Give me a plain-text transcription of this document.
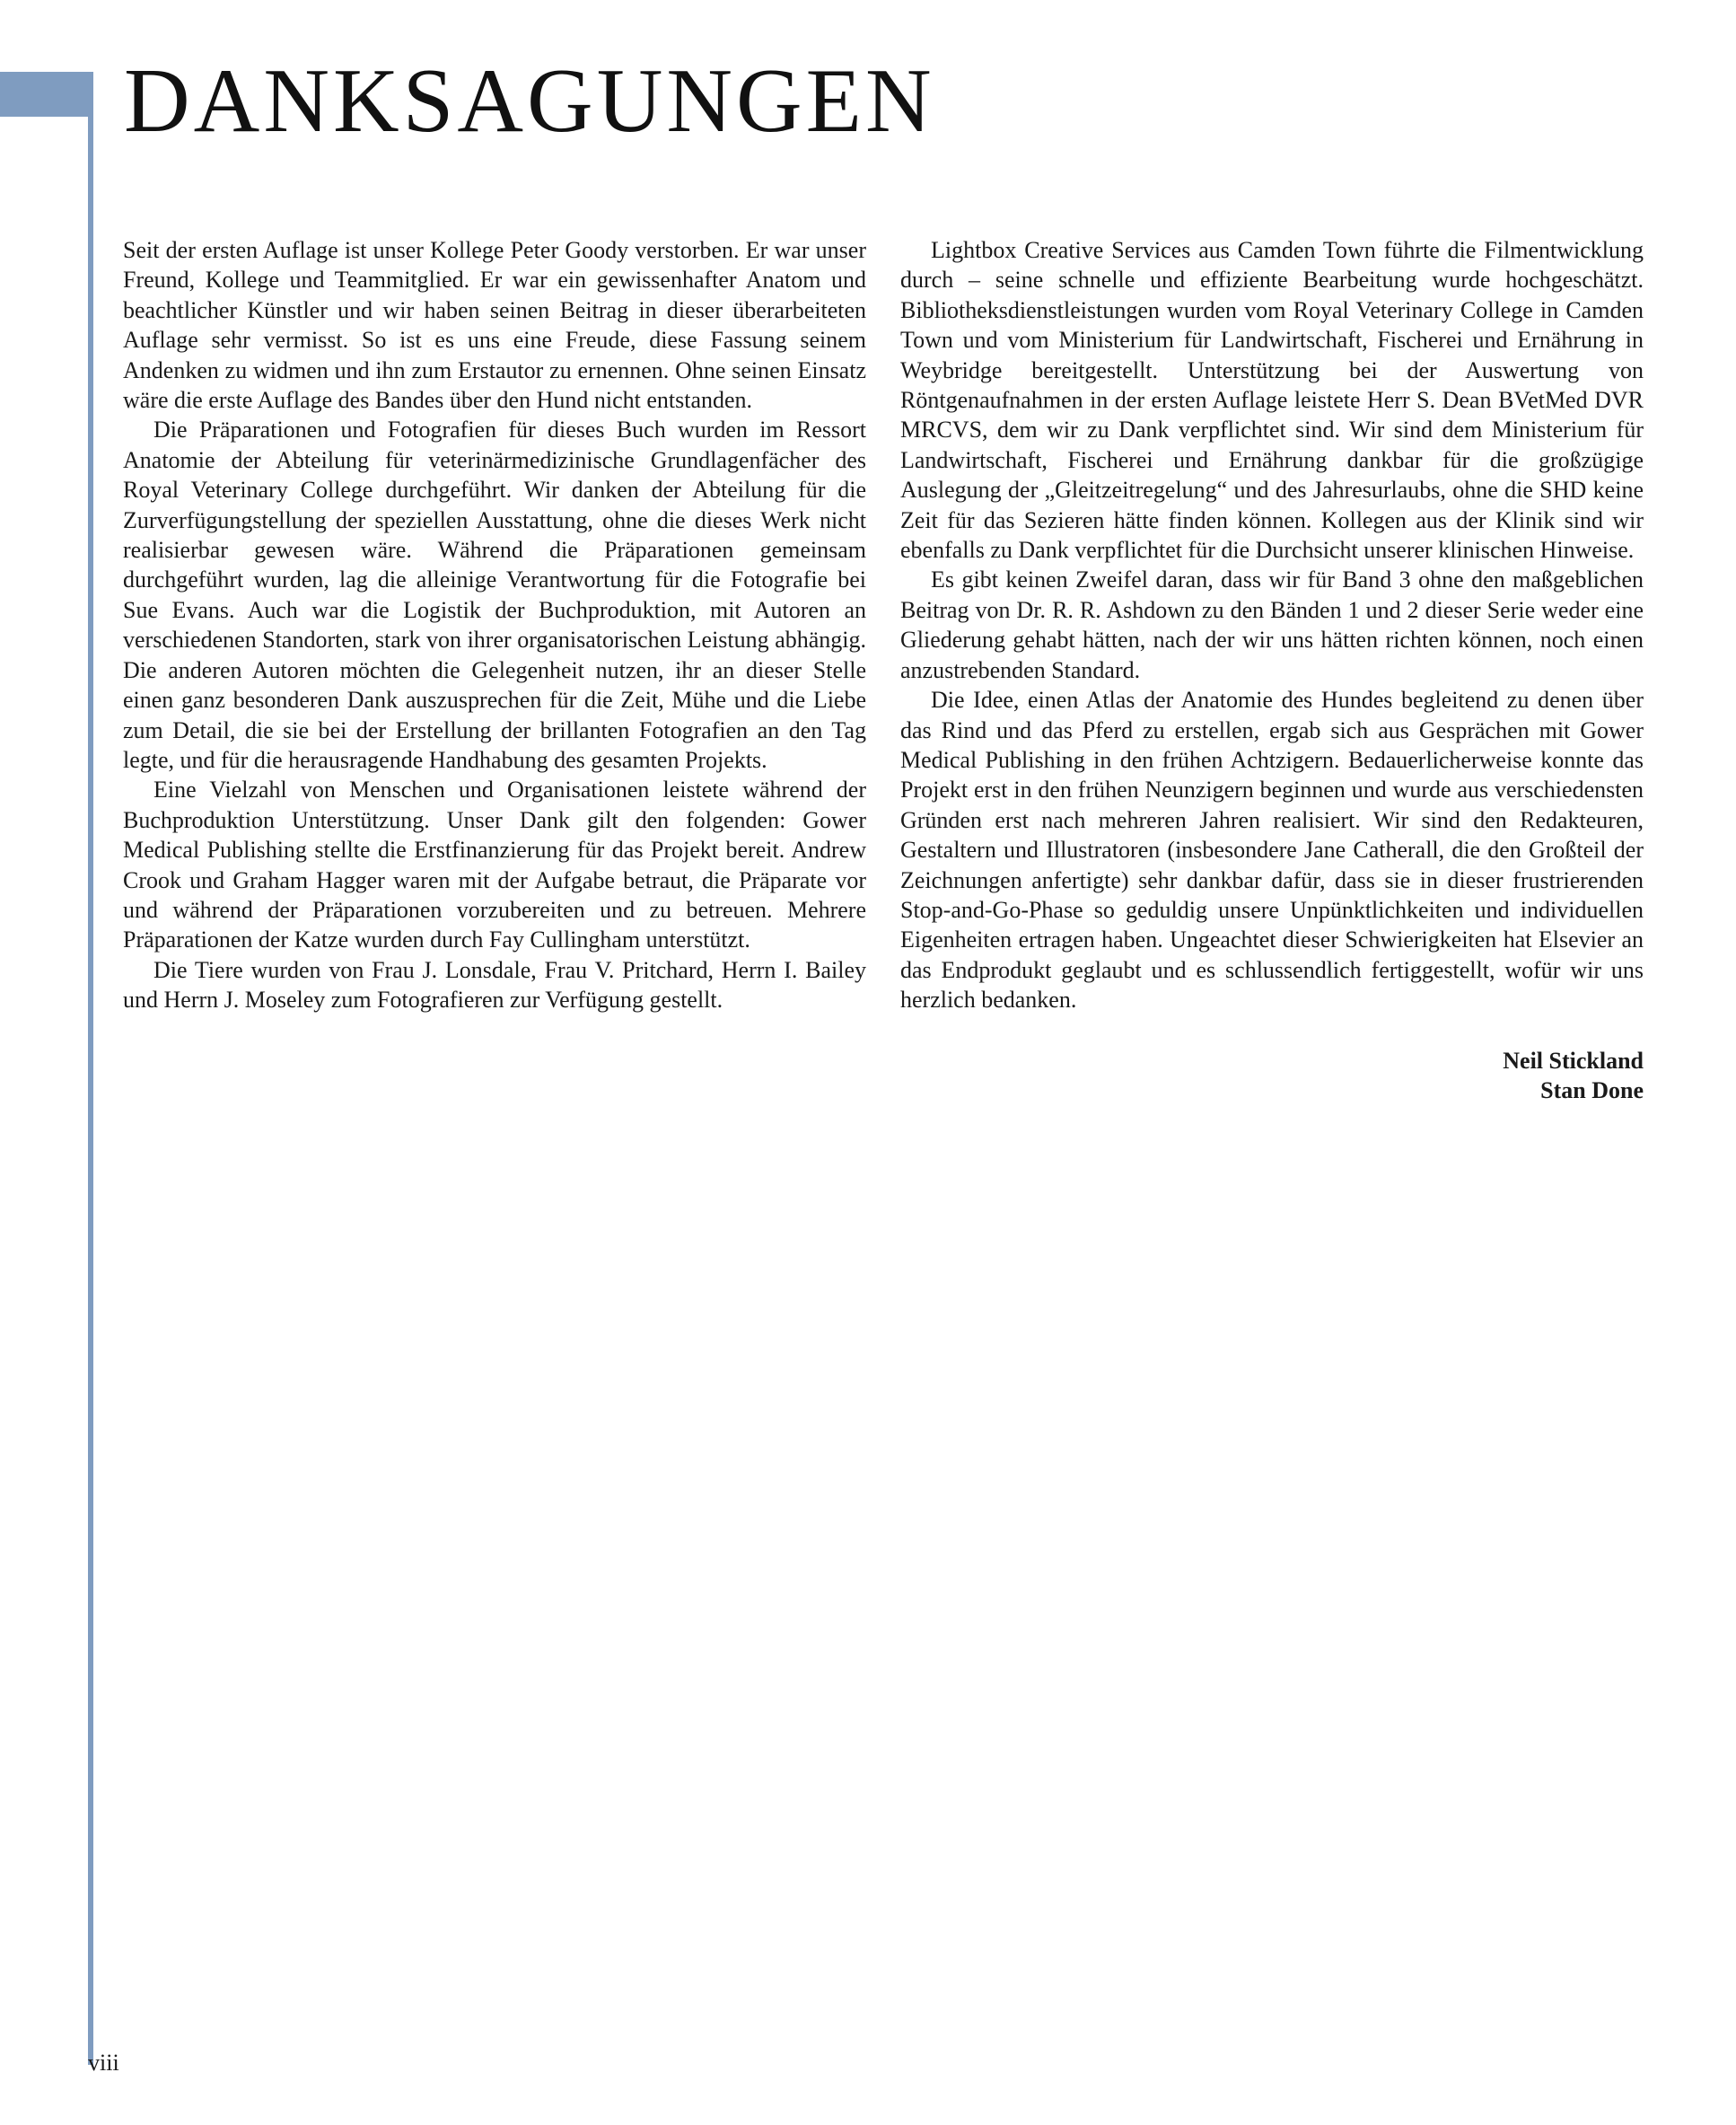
DANKSAGUNGEN

Seit der ersten Auflage ist unser Kollege Peter Goody verstorben. Er war unser Freund, Kollege und Teammitglied. Er war ein gewissenhafter Anatom und beachtlicher Künstler und wir haben seinen Beitrag in dieser überarbeiteten Auflage sehr vermisst. So ist es uns eine Freude, diese Fassung seinem Andenken zu widmen und ihn zum Erstautor zu ernennen. Ohne seinen Einsatz wäre die erste Auflage des Bandes über den Hund nicht entstanden.

Die Präparationen und Fotografien für dieses Buch wurden im Ressort Anatomie der Abteilung für veterinärmedizinische Grundlagenfächer des Royal Veterinary College durchgeführt. Wir danken der Abteilung für die Zurverfügungstellung der speziellen Ausstattung, ohne die dieses Werk nicht realisierbar gewesen wäre. Während die Präparationen gemeinsam durchgeführt wurden, lag die alleinige Verantwortung für die Fotografie bei Sue Evans. Auch war die Logistik der Buchproduktion, mit Autoren an verschiedenen Standorten, stark von ihrer organisatorischen Leistung abhängig. Die anderen Autoren möchten die Gelegenheit nutzen, ihr an dieser Stelle einen ganz besonderen Dank auszusprechen für die Zeit, Mühe und die Liebe zum Detail, die sie bei der Erstellung der brillanten Fotografien an den Tag legte, und für die herausragende Handhabung des gesamten Projekts.

Eine Vielzahl von Menschen und Organisationen leistete während der Buchproduktion Unterstützung. Unser Dank gilt den folgenden: Gower Medical Publishing stellte die Erstfinanzierung für das Projekt bereit. Andrew Crook und Graham Hagger waren mit der Aufgabe betraut, die Präparate vor und während der Präparationen vorzubereiten und zu betreuen. Mehrere Präparationen der Katze wurden durch Fay Cullingham unterstützt.

Die Tiere wurden von Frau J. Lonsdale, Frau V. Pritchard, Herrn I. Bailey und Herrn J. Moseley zum Fotografieren zur Verfügung gestellt.

Lightbox Creative Services aus Camden Town führte die Filmentwicklung durch – seine schnelle und effiziente Bearbeitung wurde hochgeschätzt. Bibliotheksdienstleistungen wurden vom Royal Veterinary College in Camden Town und vom Ministerium für Landwirtschaft, Fischerei und Ernährung in Weybridge bereitgestellt. Unterstützung bei der Auswertung von Röntgenaufnahmen in der ersten Auflage leistete Herr S. Dean BVetMed DVR MRCVS, dem wir zu Dank verpflichtet sind. Wir sind dem Ministerium für Landwirtschaft, Fischerei und Ernährung dankbar für die großzügige Auslegung der „Gleitzeitregelung“ und des Jahresurlaubs, ohne die SHD keine Zeit für das Sezieren hätte finden können. Kollegen aus der Klinik sind wir ebenfalls zu Dank verpflichtet für die Durchsicht unserer klinischen Hinweise.

Es gibt keinen Zweifel daran, dass wir für Band 3 ohne den maßgeblichen Beitrag von Dr. R. R. Ashdown zu den Bänden 1 und 2 dieser Serie weder eine Gliederung gehabt hätten, nach der wir uns hätten richten können, noch einen anzustrebenden Standard.

Die Idee, einen Atlas der Anatomie des Hundes begleitend zu denen über das Rind und das Pferd zu erstellen, ergab sich aus Gesprächen mit Gower Medical Publishing in den frühen Achtzigern. Bedauerlicherweise konnte das Projekt erst in den frühen Neunzigern beginnen und wurde aus verschiedensten Gründen erst nach mehreren Jahren realisiert. Wir sind den Redakteuren, Gestaltern und Illustratoren (insbesondere Jane Catherall, die den Großteil der Zeichnungen anfertigte) sehr dankbar dafür, dass sie in dieser frustrierenden Stop-and-Go-Phase so geduldig unsere Unpünktlichkeiten und individuellen Eigenheiten ertragen haben. Ungeachtet dieser Schwierigkeiten hat Elsevier an das Endprodukt geglaubt und es schlussendlich fertiggestellt, wofür wir uns herzlich bedanken.

Neil Stickland
Stan Done
viii
